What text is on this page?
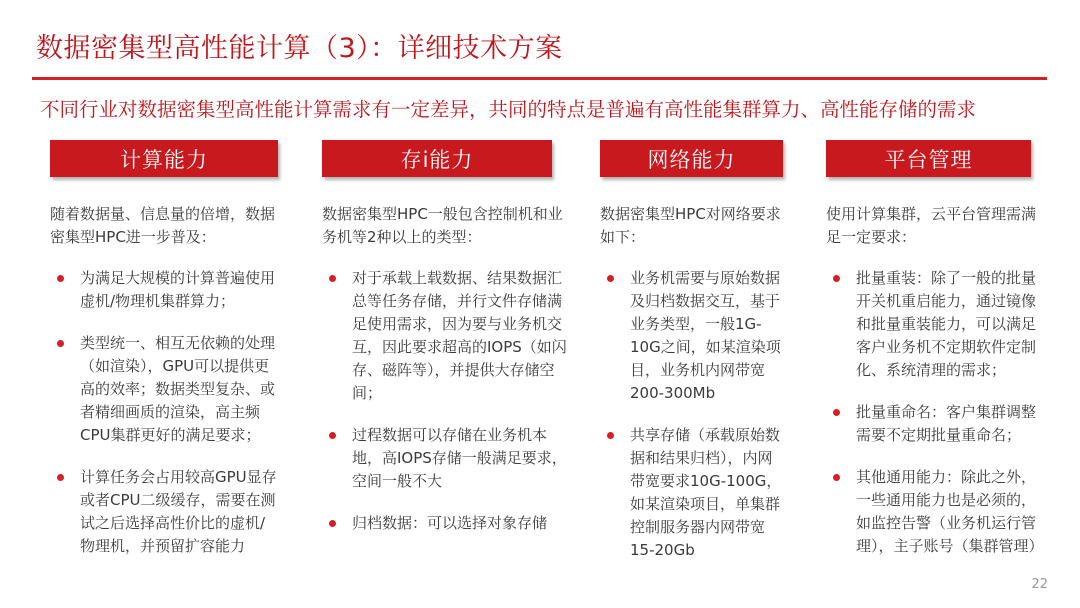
数据密集型高性能计算（3）：详细技术方案
不同行业对数据密集型高性能计算需求有一定差异，共同的特点是普遍有高性能集群算力、高性能存储的需求
计算能力
随着数据量、信息量的倍增，数据密集型HPC进一步普及：
为满足大规模的计算普遍使用虚机/物理机集群算力；
类型统一、相互无依赖的处理（如渲染），GPU可以提供更高的效率；数据类型复杂、或者精细画质的渲染，高主频CPU集群更好的满足要求；
计算任务会占用较高GPU显存或者CPU二级缓存，需要在测试之后选择高性价比的虚机/物理机，并预留扩容能力
存i能力
数据密集型HPC一般包含控制机和业务机等2种以上的类型：
对于承载上载数据、结果数据汇总等任务存储，并行文件存储满足使用需求，因为要与业务机交互，因此要求超高的IOPS（如闪存、磁阵等），并提供大存储空间；
过程数据可以存储在业务机本地，高IOPS存储一般满足要求，空间一般不大
归档数据：可以选择对象存储
网络能力
数据密集型HPC对网络要求如下：
业务机需要与原始数据及归档数据交互，基于业务类型，一般1G-10G之间，如某渲染项目，业务机内网带宽200-300Mb
共享存储（承载原始数据和结果归档），内网带宽要求10G-100G，如某渲染项目，单集群控制服务器内网带宽15-20Gb
平台管理
使用计算集群，云平台管理需满足一定要求：
批量重装：除了一般的批量开关机重启能力，通过镜像和批量重装能力，可以满足客户业务机不定期软件定制化、系统清理的需求；
批量重命名：客户集群调整需要不定期批量重命名；
其他通用能力：除此之外，一些通用能力也是必须的，如监控告警（业务机运行管理），主子账号（集群管理）
22
